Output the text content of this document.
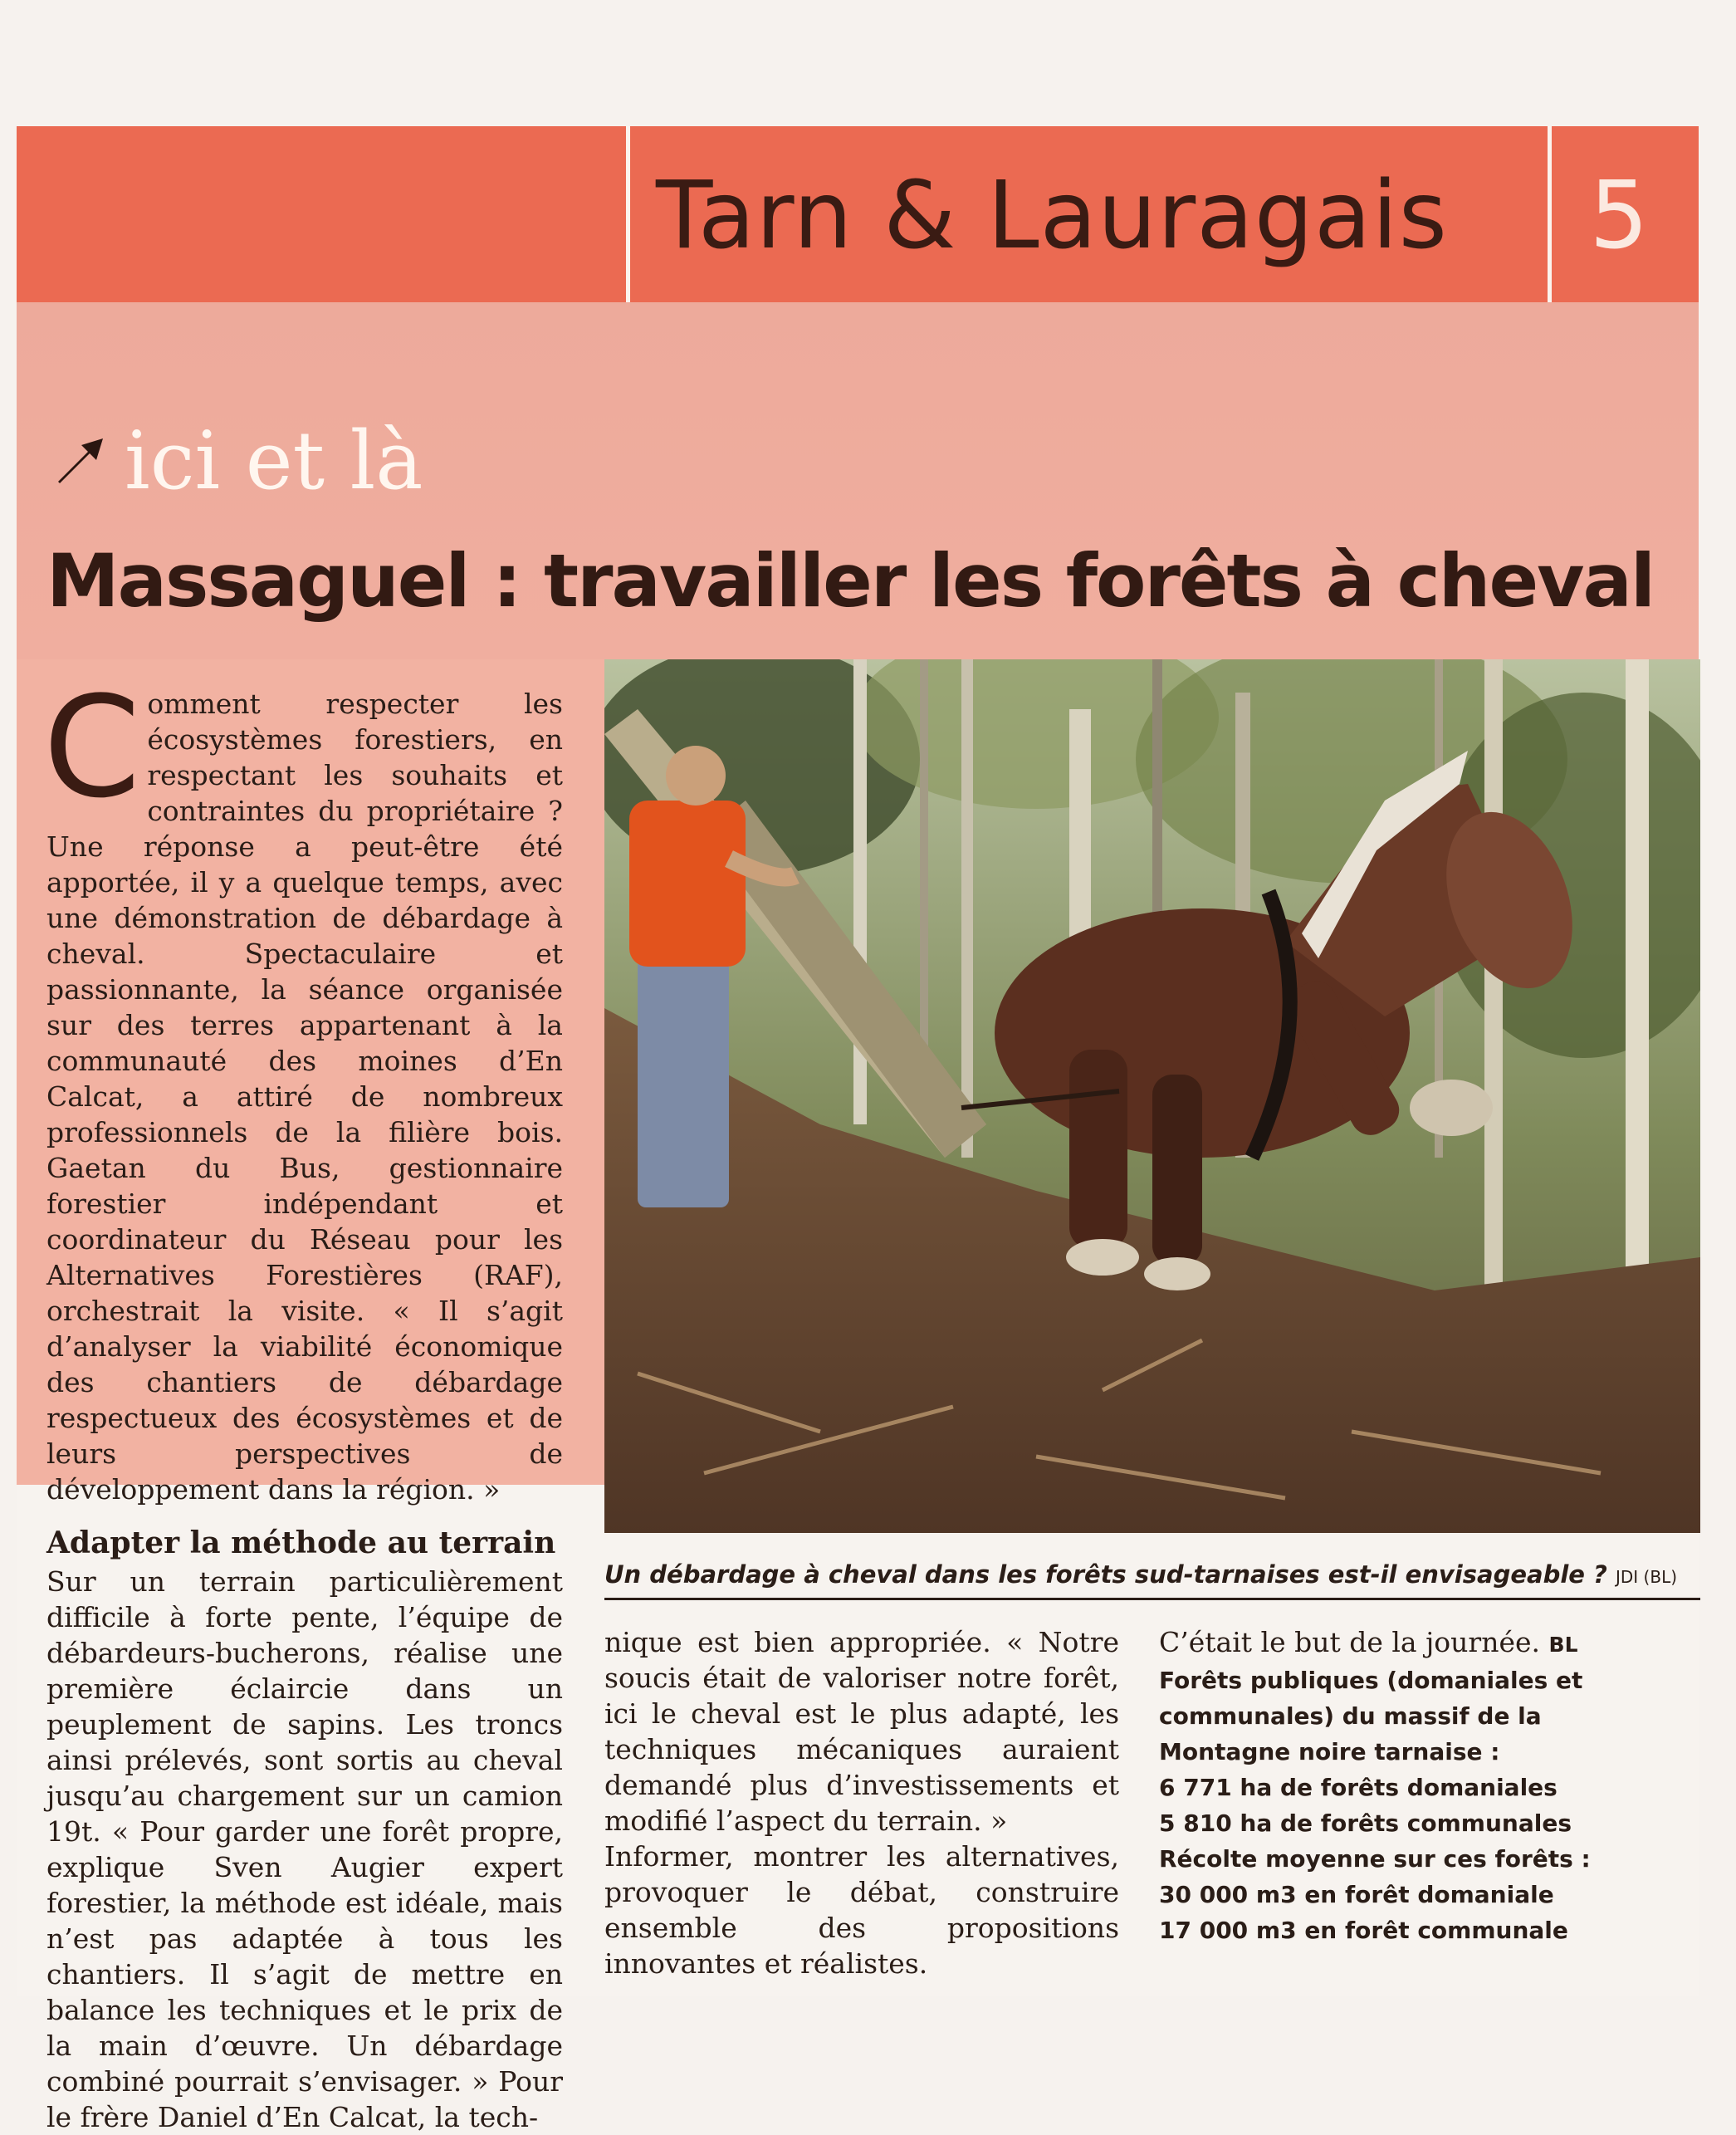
Tarn & Lauragais	5
ici et là
Massaguel : travailler les forêts à cheval

C omment respecter les écosystèmes forestiers, en respectant les souhaits et contraintes du propriétaire ? Une réponse a peut-être été apportée, il y a quelque temps, avec une démonstration de débardage à cheval. Spectaculaire et passionnante, la séance organisée sur des terres appartenant à la communauté des moines d’En Calcat, a attiré de nombreux professionnels de la filière bois. Gaetan du Bus, gestionnaire forestier indépendant et coordinateur du Réseau pour les Alternatives Forestières (RAF), orchestrait la visite. « Il s’agit d’analyser la viabilité économique des chantiers de débardage respectueux des écosystèmes et de leurs perspectives de développement dans la région. »

Adapter la méthode au terrain

Sur un terrain particulièrement difficile à forte pente, l’équipe de débardeurs-bucherons, réalise une première éclaircie dans un peuplement de sapins. Les troncs ainsi prélevés, sont sortis au cheval jusqu’au chargement sur un camion 19t. « Pour garder une forêt propre, explique Sven Augier expert forestier, la méthode est idéale, mais n’est pas adaptée à tous les chantiers. Il s’agit de mettre en balance les techniques et le prix de la main d’œuvre. Un débardage combiné pourrait s’envisager. » Pour le frère Daniel d’En Calcat, la tech-

Un débardage à cheval dans les forêts sud-tarnaises est-il envisageable ? JDI (BL)

nique est bien appropriée. « Notre soucis était de valoriser notre forêt, ici le cheval est le plus adapté, les techniques mécaniques auraient demandé plus d’investissements et modifié l’aspect du terrain. »

Informer, montrer les alternatives, provoquer le débat, construire ensemble des propositions innovantes et réalistes.

C’était le but de la journée. BL

Forêts publiques (domaniales et communales) du massif de la Montagne noire tarnaise :
6 771 ha de forêts domaniales
5 810 ha de forêts communales
Récolte moyenne sur ces forêts :
30 000 m3 en forêt domaniale
17 000 m3 en forêt communale
